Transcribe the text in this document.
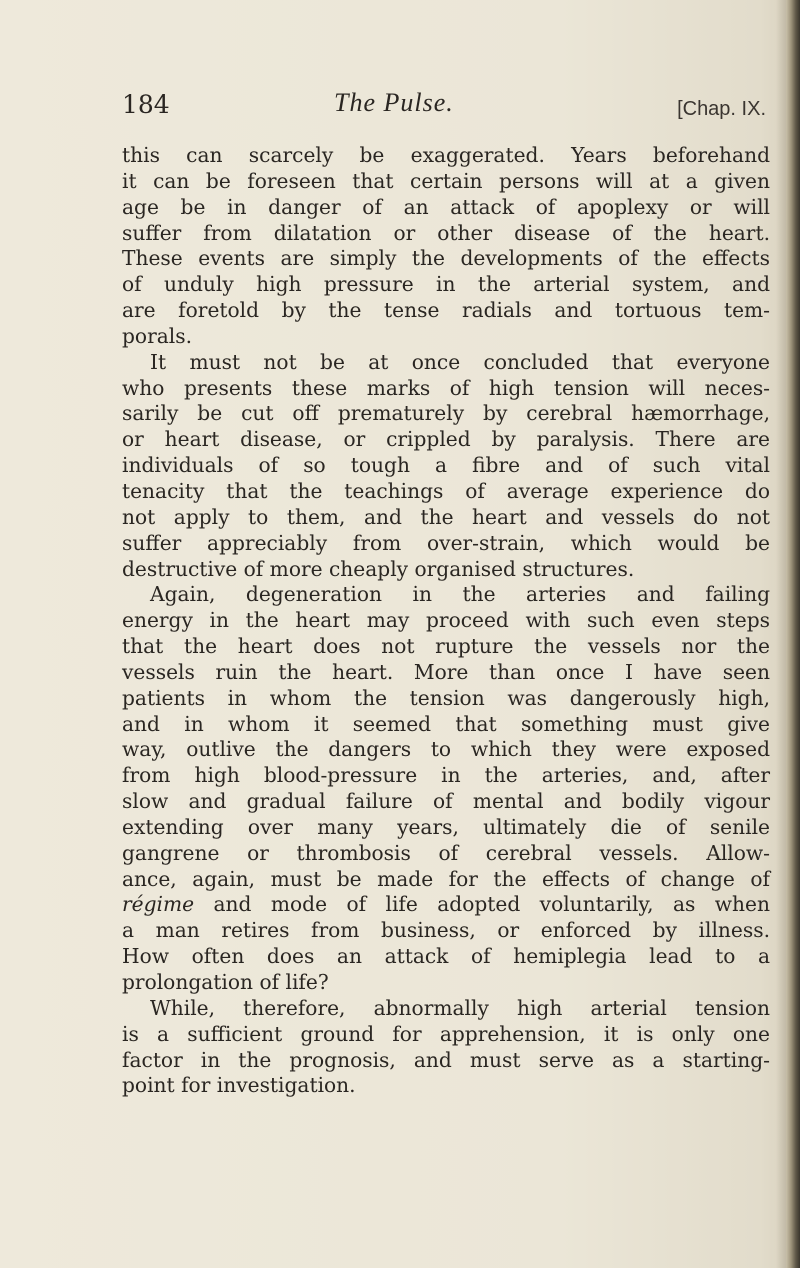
184	The Pulse.	[Chap. IX.
this can scarcely be exaggerated. Years beforehand
it can be foreseen that certain persons will at a given
age be in danger of an attack of apoplexy or will
suffer from dilatation or other disease of the heart.
These events are simply the developments of the effects
of unduly high pressure in the arterial system, and
are foretold by the tense radials and tortuous tem-
porals.
It must not be at once concluded that everyone
who presents these marks of high tension will neces-
sarily be cut off prematurely by cerebral hæmorrhage,
or heart disease, or crippled by paralysis. There are
individuals of so tough a fibre and of such vital
tenacity that the teachings of average experience do
not apply to them, and the heart and vessels do not
suffer appreciably from over-strain, which would be
destructive of more cheaply organised structures.
Again, degeneration in the arteries and failing
energy in the heart may proceed with such even steps
that the heart does not rupture the vessels nor the
vessels ruin the heart. More than once I have seen
patients in whom the tension was dangerously high,
and in whom it seemed that something must give
way, outlive the dangers to which they were exposed
from high blood-pressure in the arteries, and, after
slow and gradual failure of mental and bodily vigour
extending over many years, ultimately die of senile
gangrene or thrombosis of cerebral vessels. Allow-
ance, again, must be made for the effects of change of
régime and mode of life adopted voluntarily, as when
a man retires from business, or enforced by illness.
How often does an attack of hemiplegia lead to a
prolongation of life?
While, therefore, abnormally high arterial tension
is a sufficient ground for apprehension, it is only one
factor in the prognosis, and must serve as a starting-
point for investigation.
